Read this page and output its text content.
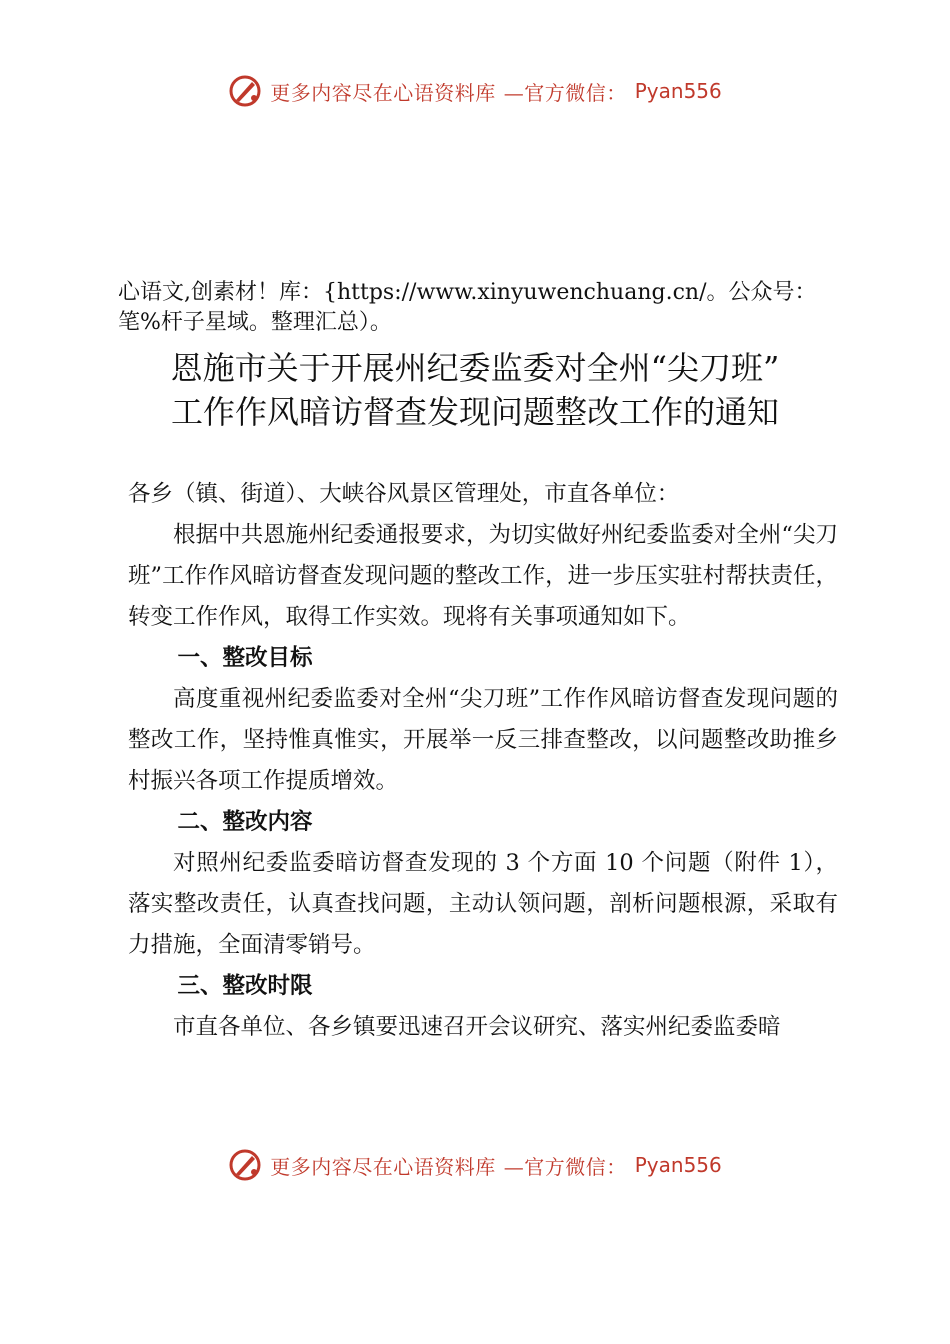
更多内容尽在心语资料库 —官方微信： Pyan556
心语文,创素材！库：{https://www.xinyuwenchuang.cn/。公众号：笔%杆子星域。整理汇总）。
恩施市关于开展州纪委监委对全州“尖刀班”
工作作风暗访督查发现问题整改工作的通知

各乡（镇、街道）、大峡谷风景区管理处，市直各单位：

根据中共恩施州纪委通报要求，为切实做好州纪委监委对全州“尖刀班”工作作风暗访督查发现问题的整改工作，进一步压实驻村帮扶责任，转变工作作风，取得工作实效。现将有关事项通知如下。

一、整改目标

高度重视州纪委监委对全州“尖刀班”工作作风暗访督查发现问题的整改工作，坚持惟真惟实，开展举一反三排查整改，以问题整改助推乡村振兴各项工作提质增效。

二、整改内容

对照州纪委监委暗访督查发现的 3 个方面 10 个问题（附件 1），落实整改责任，认真查找问题，主动认领问题，剖析问题根源，采取有力措施，全面清零销号。

三、整改时限

市直各单位、各乡镇要迅速召开会议研究、落实州纪委监委暗

更多内容尽在心语资料库 —官方微信： Pyan556
